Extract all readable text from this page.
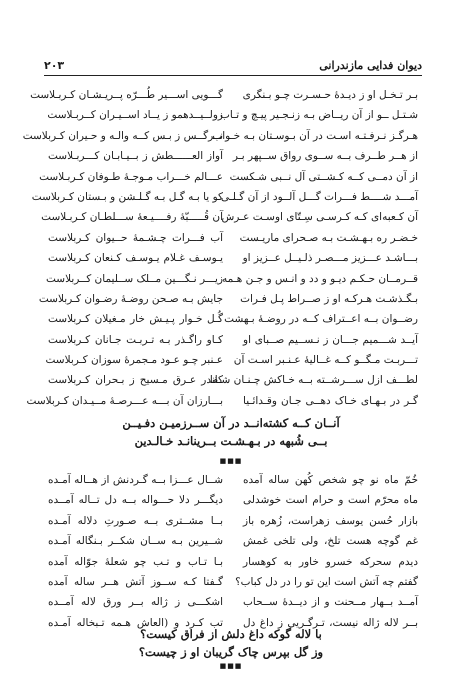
دیوان فدایی مازندرانی
۲۰۳
بـر تـخـل او ز دیـدهٔ حـسـرت چـو بـنگری
شـتـل ــو از آن ریــاض بـه زنـجـیر پیـچ و تـاب
هـرگـز نـرفـتـه اسـت در آن بـوسـتان بـه خـواب
از هــر طــرف بــه ســوی رواق ســپهر بـر
از آن دمــی کــه کـشــتی آل نــبی شـکست
آمـــد شــــط فـــرات گـــل آلــود از آن گـلـی
آن کـعبه‌ای کـه کـرسـی سِـتّای اوسـت عـرش
خـضـر ره بـهـشـت بـه صـحرای ماریـست
بـــاشـد عـــزیز مـــصـر ذلـیــل عــزیز او
قــرمــان حـکـم دیـو و دد و انـس و جـن هـمه
بـگـذشـت هـرکـه او ز صــراط پـل فـرات
رضــوان بــه اعــتراف کــه در روضـهٔ بـهشت
آیــد شـــمیم جـــان ز نـســیم صــبای او
تـــربـت مـگــو کــه غــالیهٔ عـنـبر اسـت آن
لطـــف ازل ســـرشــته بــه خـاکش چـنـان شـفا
گـر در بـهـای خـاک دهــی جـان وقـدائـیا
گـــویی اســـیر طُـــرّه پــریـشـان کـربـلاست
زولــیــدهمو ز یــاد اســیـران کــربـلاست
نــرگــس ز بـس کــه والـه و حـیران کـربلاست
آواز العــــــطش ز بــیـابـان کـــربـلاست
عـــالم خـــراب مـوجـهٔ طـوفان کـربـلاست
کو یا بـه گـل بـه گـلـشن و بـستان کـربلاست
آن قُـــــبّهٔ رفــــیـعهٔ ســـلطـان کـربـلاست
آب فـــرات چـشـمهٔ حــیوان کـربلاست
یـوسـف غـلام یـوسـف کـنعان کـربلاست
زیـــر نـگـــین مــلک ســلیمان کــربلاست
جایش بـه صـحن روضـهٔ رضـوان کـربلاست
گُـل خـوار پـیـش خار مـغیلان کـربلاست
کـاو راگـذر بـه تـربـت جـانان کـربلاست
عـنبر چـو عـود مـجمرهٔ سوزان کـربلاست
کاندر عـرق مـسیح ز بـحران کـربلاست
بـــارزان آن بـــه عـــرصـهٔ مــیـدان کـربلاست
آنــان کــه کشته‌انــد در آن ســرزمیـن دفـیــن
بــی شُبهه در بـهـشـت بــرینانـد خـالـدین
■■■
خُمّ ماه نو چو شخص کُهن ساله آمده
ماه محرّم است و حرام است خوشدلی
بازار حُسن یوسف زهراست، زُهره باز
غم گوچه هست تلخ، ولی تلخی غمش
دیدم سحرکه خسرو خاور به کوهسار
گفتم چه آتش است این تو را در دل کباب؟
آمــد بــهار مــحنت و از دیــدهٔ ســحاب
بــر لاله ژاله نیست، تـرگـریی ز داغ دل
شــال عـــزا بــه گـردنش از هــاله آمـده
دیگـــر دلا حـــواله بــه دل تــاله آمــده
بــا مشــتری بــه صـورتِ دلاله آمـده
شــیرین بـه ســان شکــر بـنگاله آمـده
بـا تـاب و تـب چو شعلهٔ جوّاله آمده
گـفتا کـه ســوز آتش هــر ساله آمده
اشکـــی ز ژاله بــر ورق لاله آمــده
تب کـرد و (العاش هـمه تـبخاله آمـده
با لاله گوکه داغ دلش از فراق کیست؟
وز گل بپرس چاک گریبان او ز چیست؟
■■■
